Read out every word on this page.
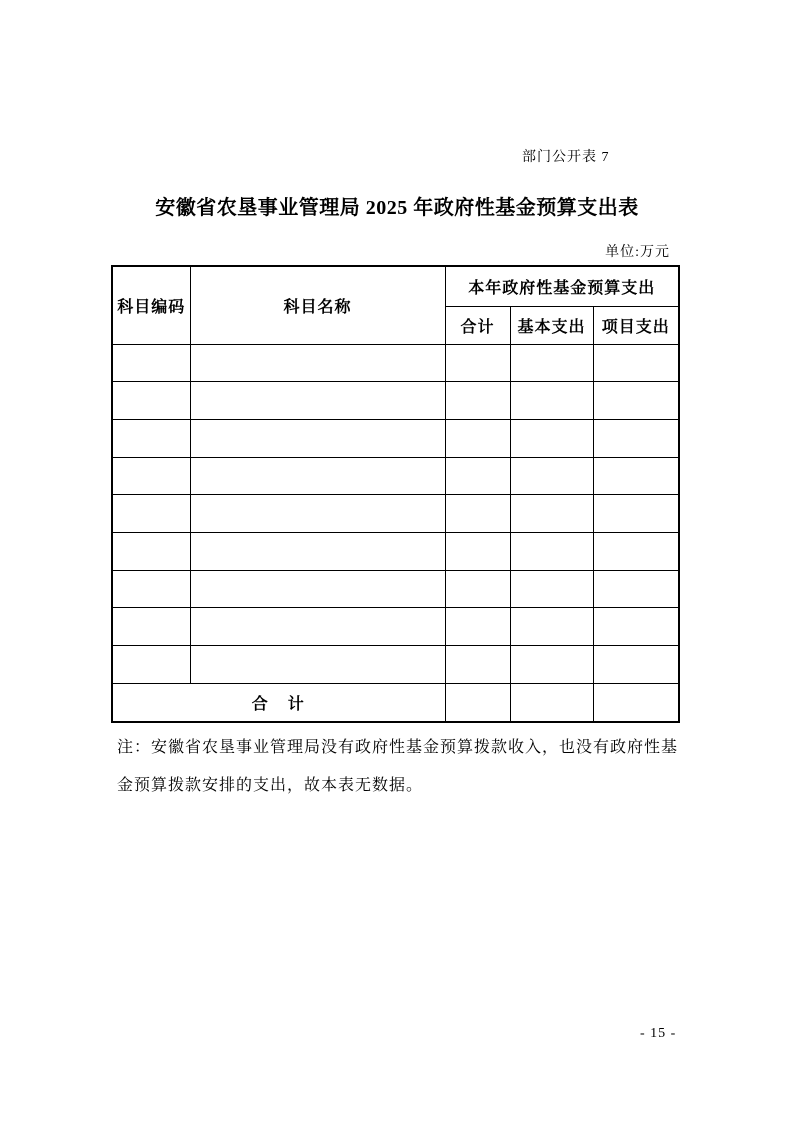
部门公开表 7
安徽省农垦事业管理局 2025 年政府性基金预算支出表
单位:万元
科目编码	科目名称	本年政府性基金预算支出		
		合计	基本支出	项目支出

合　计				
注：安徽省农垦事业管理局没有政府性基金预算拨款收入，也没有政府性基
金预算拨款安排的支出，故本表无数据。
- 15 -
